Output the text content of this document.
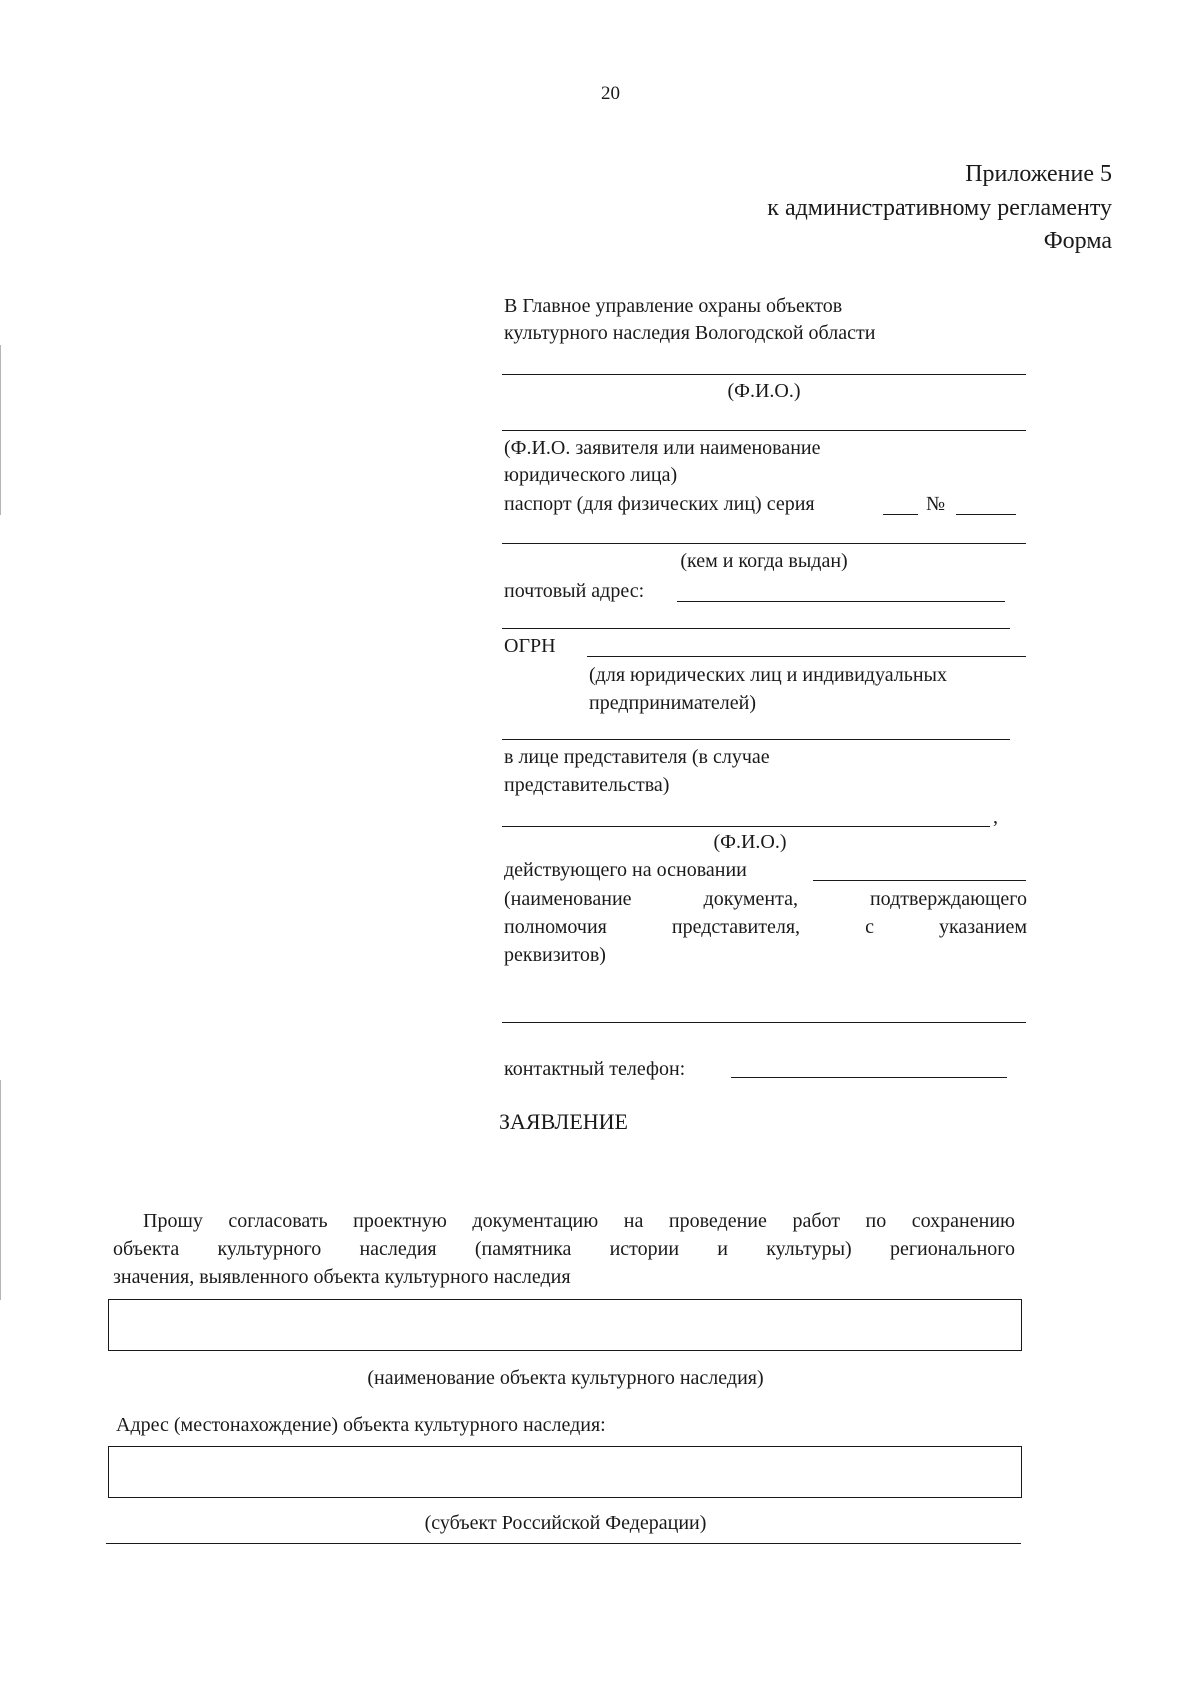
20
Приложение 5
к административному регламенту
Форма
В Главное управление охраны объектов
культурного наследия Вологодской области
(Ф.И.О.)
(Ф.И.О. заявителя или наименование
юридического лица)
паспорт (для физических лиц) серия	№
(кем и когда выдан)
почтовый адрес:
ОГРН
(для юридических лиц и индивидуальных
предпринимателей)
в лице представителя (в случае
представительства)
,
(Ф.И.О.)
действующего на основании
(наименование документа, подтверждающего
полномочия представителя, с указанием
реквизитов)
контактный телефон:
ЗАЯВЛЕНИЕ
Прошу согласовать проектную документацию на проведение работ по сохранению
объекта культурного наследия (памятника истории и культуры) регионального
значения, выявленного объекта культурного наследия
(наименование объекта культурного наследия)
Адрес (местонахождение) объекта культурного наследия:
(субъект Российской Федерации)
